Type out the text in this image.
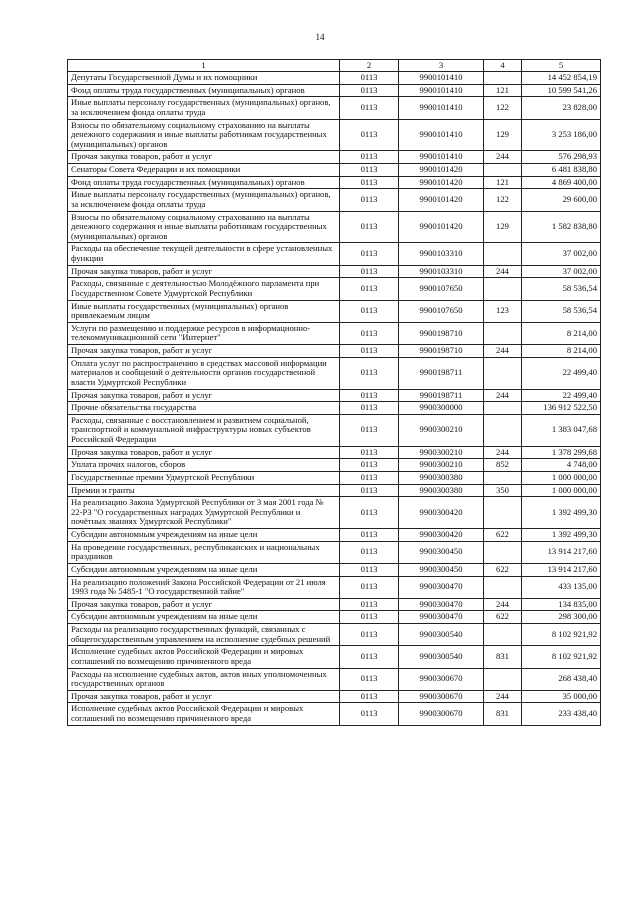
14
1	2	3	4	5
Депутаты Государственной Думы и их помощники	0113	9900101410		14 452 854,19
Фонд оплаты труда государственных (муниципальных) органов	0113	9900101410	121	10 599 541,26
Иные выплаты персоналу государственных (муниципальных) органов, за исключением фонда оплаты труда	0113	9900101410	122	23 828,00
Взносы по обязательному социальному страхованию на выплаты денежного содержания и иные выплаты работникам государственных (муниципальных) органов	0113	9900101410	129	3 253 186,00
Прочая закупка товаров, работ и услуг	0113	9900101410	244	576 298,93
Сенаторы Совета Федерации и их помощники	0113	9900101420		6 481 838,80
Фонд оплаты труда государственных (муниципальных) органов	0113	9900101420	121	4 869 400,00
Иные выплаты персоналу государственных (муниципальных) органов, за исключением фонда оплаты труда	0113	9900101420	122	29 600,00
Взносы по обязательному социальному страхованию на выплаты денежного содержания и иные выплаты работникам государственных (муниципальных) органов	0113	9900101420	129	1 582 838,80
Расходы на обеспечение текущей деятельности в сфере установленных функции	0113	9900103310		37 002,00
Прочая закупка товаров, работ и услуг	0113	9900103310	244	37 002,00
Расходы, связанные с деятельностью Молодёжного парламента при Государственном Совете Удмуртской Республики	0113	9900107650		58 536,54
Иные выплаты государственных (муниципальных) органов привлекаемым лицам	0113	9900107650	123	58 536,54
Услуги по размещению и поддержке ресурсов в информационно-телекоммуникационной сети "Интернет"	0113	9900198710		8 214,00
Прочая закупка товаров, работ и услуг	0113	9900198710	244	8 214,00
Оплата услуг по распространению в средствах массовой информации материалов и сообщений о деятельности органов государственной власти Удмуртской Республики	0113	9900198711		22 499,40
Прочая закупка товаров, работ и услуг	0113	9900198711	244	22 499,40
Прочие обязательства государства	0113	9900300000		136 912 522,50
Расходы, связанные с восстановлением и развитием социальной, транспортной и коммунальной инфраструктуры новых субъектов Российской Федерации	0113	9900300210		1 383 047,68
Прочая закупка товаров, работ и услуг	0113	9900300210	244	1 378 299,68
Уплата прочих налогов, сборов	0113	9900300210	852	4 748,00
Государственные премии Удмуртской Республики	0113	9900300380		1 000 000,00
Премии и гранты	0113	9900300380	350	1 000 000,00
На реализацию Закона Удмуртской Республики от 3 мая 2001 года № 22-РЗ "О государственных наградах Удмуртской Республики и почётных званиях Удмуртской Республики"	0113	9900300420		1 392 499,30
Субсидии автономным учреждениям на иные цели	0113	9900300420	622	1 392 499,30
На проведение государственных, республиканских и национальных праздников	0113	9900300450		13 914 217,60
Субсидии автономным учреждениям на иные цели	0113	9900300450	622	13 914 217,60
На реализацию положений Закона Российской Федерации от 21 июля 1993 года № 5485-1 "О государственной тайне"	0113	9900300470		433 135,00
Прочая закупка товаров, работ и услуг	0113	9900300470	244	134 835,00
Субсидии автономным учреждениям на иные цели	0113	9900300470	622	298 300,00
Расходы на реализацию государственных функций, связанных с общегосударственным управлением на исполнение судебных решений	0113	9900300540		8 102 921,92
Исполнение судебных актов Российской Федерации и мировых соглашений по возмещению причиненного вреда	0113	9900300540	831	8 102 921,92
Расходы на исполнение судебных актов, актов иных уполномоченных государственных органов	0113	9900300670		268 438,40
Прочая закупка товаров, работ и услуг	0113	9900300670	244	35 000,00
Исполнение судебных актов Российской Федерации и мировых соглашений по возмещению причиненного вреда	0113	9900300670	831	233 438,40
